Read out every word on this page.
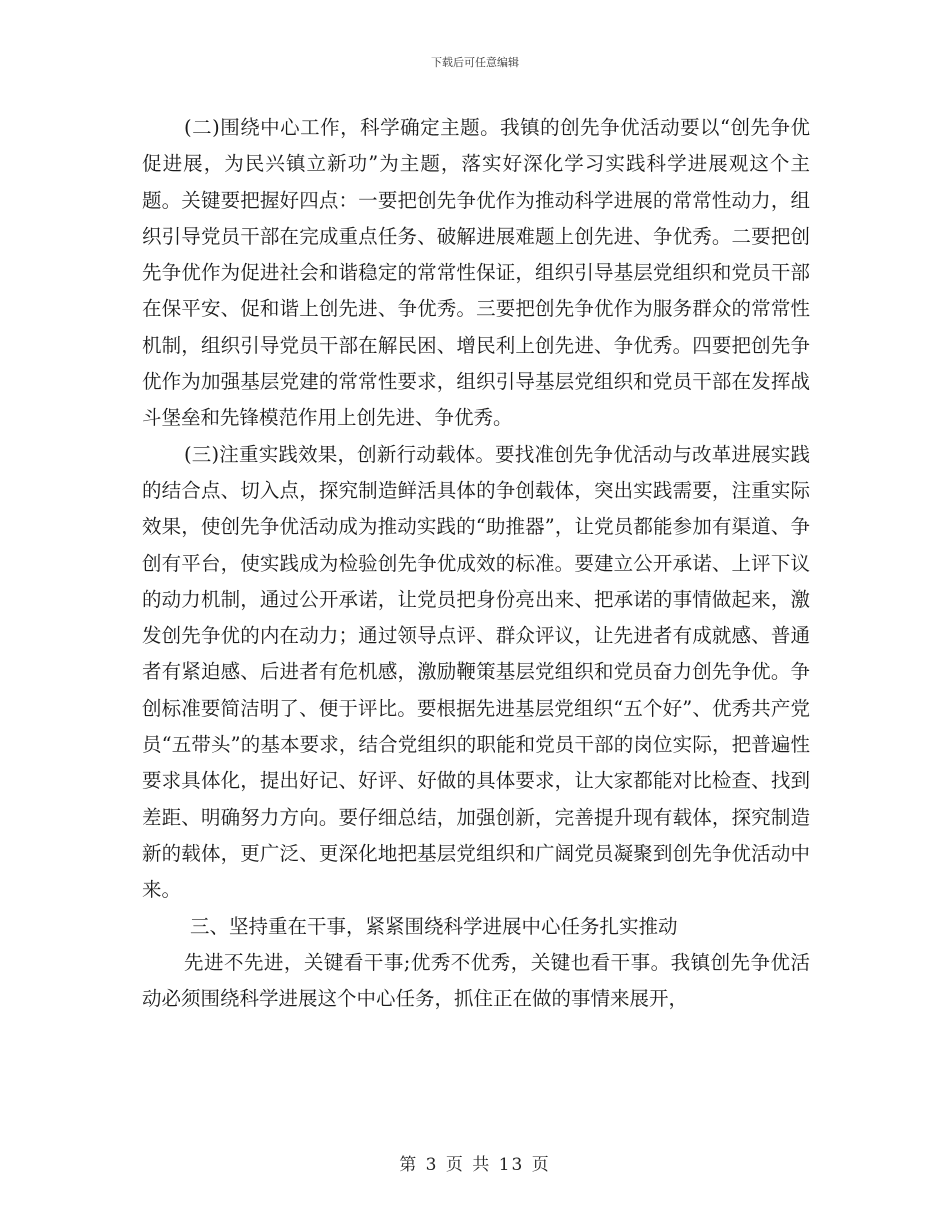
下载后可任意编辑

(二)围绕中心工作，科学确定主题。我镇的创先争优活动要以“创先争优促进展，为民兴镇立新功”为主题，落实好深化学习实践科学进展观这个主题。关键要把握好四点：一要把创先争优作为推动科学进展的常常性动力，组织引导党员干部在完成重点任务、破解进展难题上创先进、争优秀。二要把创先争优作为促进社会和谐稳定的常常性保证，组织引导基层党组织和党员干部在保平安、促和谐上创先进、争优秀。三要把创先争优作为服务群众的常常性机制，组织引导党员干部在解民困、增民利上创先进、争优秀。四要把创先争优作为加强基层党建的常常性要求，组织引导基层党组织和党员干部在发挥战斗堡垒和先锋模范作用上创先进、争优秀。

(三)注重实践效果，创新行动载体。要找准创先争优活动与改革进展实践的结合点、切入点，探究制造鲜活具体的争创载体，突出实践需要，注重实际效果，使创先争优活动成为推动实践的“助推器”，让党员都能参加有渠道、争创有平台，使实践成为检验创先争优成效的标准。要建立公开承诺、上评下议的动力机制，通过公开承诺，让党员把身份亮出来、把承诺的事情做起来，激发创先争优的内在动力；通过领导点评、群众评议，让先进者有成就感、普通者有紧迫感、后进者有危机感，激励鞭策基层党组织和党员奋力创先争优。争创标准要简洁明了、便于评比。要根据先进基层党组织“五个好”、优秀共产党员“五带头”的基本要求，结合党组织的职能和党员干部的岗位实际，把普遍性要求具体化，提出好记、好评、好做的具体要求，让大家都能对比检查、找到差距、明确努力方向。要仔细总结，加强创新，完善提升现有载体，探究制造新的载体，更广泛、更深化地把基层党组织和广阔党员凝聚到创先争优活动中来。

三、坚持重在干事，紧紧围绕科学进展中心任务扎实推动

先进不先进，关键看干事;优秀不优秀，关键也看干事。我镇创先争优活动必须围绕科学进展这个中心任务，抓住正在做的事情来展开，

第 3 页 共 13 页
